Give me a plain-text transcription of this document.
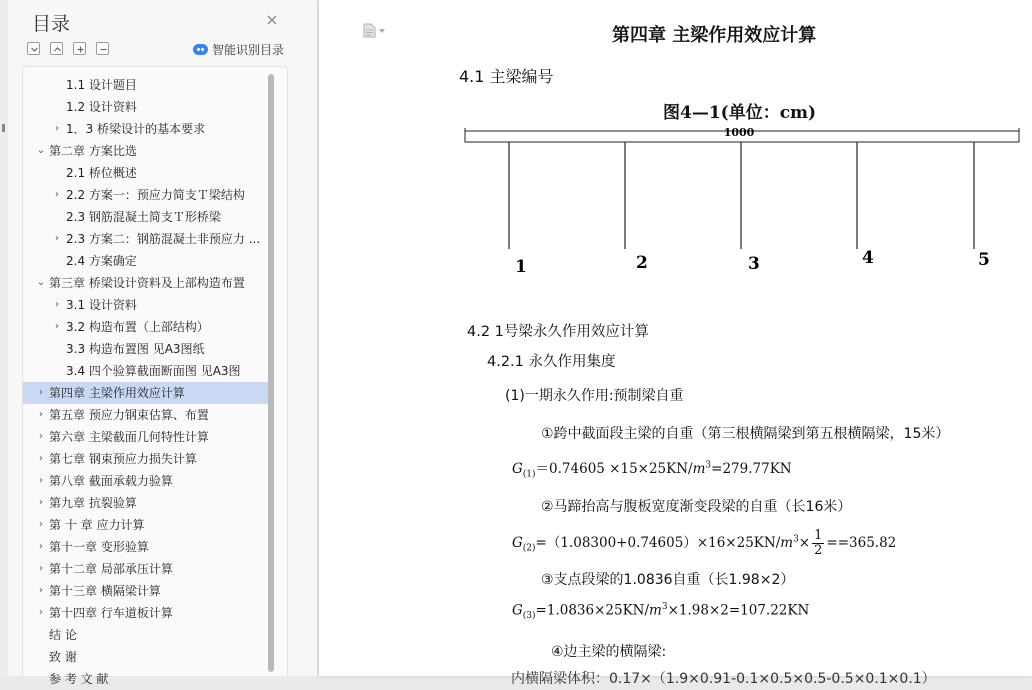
目录	×
智能识别目录
1.1 设计题目
1.2 设计资料
› 1．3 桥梁设计的基本要求
⌄ 第二章 方案比选
2.1 桥位概述
› 2.2 方案一：预应力简支Ｔ梁结构
2.3 钢筋混凝土简支Ｔ形桥梁
› 2.3 方案二：钢筋混凝土非预应力 ...
2.4 方案确定
⌄ 第三章 桥梁设计资料及上部构造布置
› 3.1 设计资料
› 3.2 构造布置（上部结构）
3.3 构造布置图 见A3图纸
3.4 四个验算截面断面图 见A3图
› 第四章 主梁作用效应计算
› 第五章 预应力钢束估算、布置
› 第六章 主梁截面几何特性计算
› 第七章 钢束预应力损失计算
› 第八章 截面承载力验算
› 第九章 抗裂验算
› 第 十 章 应力计算
› 第十一章 变形验算
› 第十二章 局部承压计算
› 第十三章 横隔梁计算
› 第十四章 行车道板计算
结 论
致 谢
参 考 文 献
第四章 主梁作用效应计算
4.1 主梁编号
图4—1(单位：cm)
1000
1	2	3	4	5
4.2 1号梁永久作用效应计算
4.2.1 永久作用集度
(1)一期永久作用:预制梁自重
①跨中截面段主梁的自重（第三根横隔梁到第五根横隔梁，15米）
$G_{(1)}=0.74605 \times 15\times 25KN/m^3=279.77KN$
②马蹄抬高与腹板宽度渐变段梁的自重（长16米）
$G_{(2)}=(1.08300+0.74605)\times 16\times 25KN/m^3\times \frac{1}{2} ==365.82$
③支点段梁的1.0836自重（长1.98×2）
$G_{(3)}=1.0836\times 25KN/m^3\times 1.98\times 2=107.22KN$
④边主梁的横隔梁:
内横隔梁体积：0.17×（1.9×0.91-0.1×0.5×0.5-0.5×0.1×0.1）
